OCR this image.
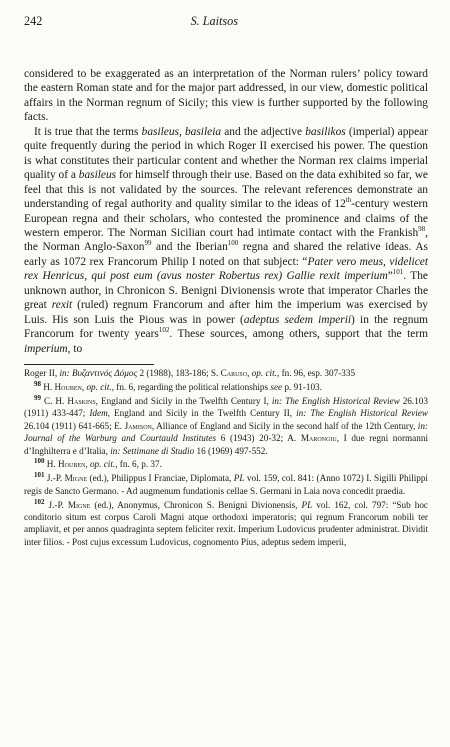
242	S. Laitsos

considered to be exaggerated as an interpretation of the Norman rulers’ policy toward the eastern Roman state and for the major part addressed, in our view, domestic political affairs in the Norman regnum of Sicily; this view is further supported by the following facts.

It is true that the terms basileus, basileia and the adjective basilikos (imperial) appear quite frequently during the period in which Roger II exercised his power. The question is what constitutes their particular content and whether the Norman rex claims imperial quality of a basileus for himself through their use. Based on the data exhibited so far, we feel that this is not validated by the sources. The relevant references demonstrate an understanding of regal authority and quality similar to the ideas of 12th-century western European regna and their scholars, who contested the prominence and claims of the western emperor. The Norman Sicilian court had intimate contact with the Frankish$^{98}$, the Norman Anglo-Saxon$^{99}$ and the Iberian$^{100}$ regna and shared the relative ideas. As early as 1072 rex Francorum Philip I noted on that subject: “Pater vero meus, videlicet rex Henricus, qui post eum (avus noster Robertus rex) Gallie rexit imperium”$^{101}$. The unknown author, in Chronicon S. Benigni Divionensis wrote that imperator Charles the great rexit (ruled) regnum Francorum and after him the imperium was exercised by Luis. His son Luis the Pious was in power (adeptus sedem imperii) in the regnum Francorum for twenty years$^{102}$. These sources, among others, support that the term imperium, to

Roger II, in: Βυζαντινός Δόμος 2 (1988), 183-186; S. Caruso, op. cit., fn. 96, esp. 307-335

$^{98}$ H. Houben, op. cit., fn. 6, regarding the political relationships see p. 91-103.

$^{99}$ C. H. Haskins, England and Sicily in the Twelfth Century I, in: The English Historical Review 26.103 (1911) 433-447; Idem, England and Sicily in the Twelfth Century II, in: The English Historical Review 26.104 (1911) 641-665; E. Jamison, Alliance of England and Sicily in the second half of the 12th Century, in: Journal of the Warburg and Courtauld Institutes 6 (1943) 20-32; A. Marongiu, I due regni normanni d’Inghilterra e d’Italia, in: Settimane di Studio 16 (1969) 497-552.

$^{100}$ H. Houben, op. cit., fn. 6, p. 37.

$^{101}$ J.-P. Migne (ed.), Philippus I Franciae, Diplomata, PL vol. 159, col. 841: (Anno 1072) I. Sigilli Philippi regis de Sancto Germano. - Ad augmenum fundationis cellae S. Germani in Laia nova concedit praedia.

$^{102}$ J.-P. Migne (ed.), Anonymus, Chronicon S. Benigni Divionensis, PL vol. 162, col. 797: “Sub hoc conditorio situm est corpus Caroli Magni atque orthodoxi imperatoris; qui regnum Francorum nobili ter ampliavit, et per annos quadraginta septem feliciter rexit. Imperium Ludovicus prudenter administrat. Dividit inter filios. - Post cujus excessum Ludovicus, cognomento Pius, adeptus sedem imperii,
